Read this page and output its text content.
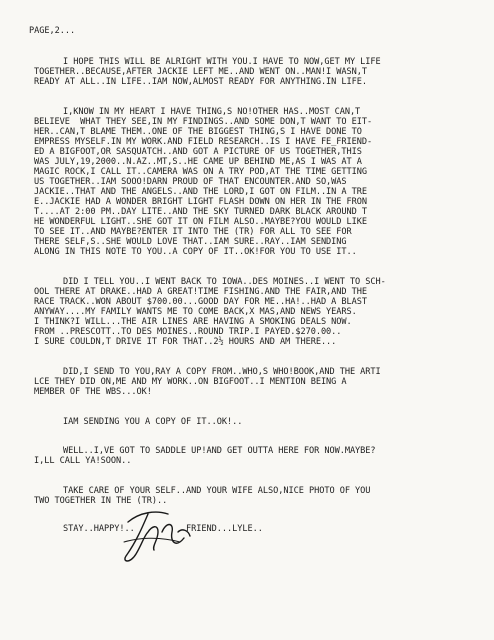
PAGE,2...
I HOPE THIS WILL BE ALRIGHT WITH YOU.I HAVE TO NOW,GET MY LIFE
TOGETHER..BECAUSE,AFTER JACKIE LEFT ME..AND WENT ON..MAN!I WASN,T
READY AT ALL..IN LIFE..IAM NOW,ALMOST READY FOR ANYTHING.IN LIFE.
I,KNOW IN MY HEART I HAVE THING,S NO!OTHER HAS..MOST CAN,T
BELIEVE  WHAT THEY SEE,IN MY FINDINGS..AND SOME DON,T WANT TO EIT-
HER..CAN,T BLAME THEM..ONE OF THE BIGGEST THING,S I HAVE DONE TO
EMPRESS MYSELF.IN MY WORK.AND FIELD RESEARCH..IS I HAVE FE_FRIEND-
ED A BIGFOOT,OR SASQUATCH..AND GOT A PICTURE OF US TOGETHER,THIS
WAS JULY,19,2000..N.AZ..MT,S..HE CAME UP BEHIND ME,AS I WAS AT A
MAGIC ROCK,I CALL IT..CAMERA WAS ON A TRY POD,AT THE TIME GETTING
US TOGETHER..IAM SOOO!DARN PROUD OF THAT ENCOUNTER.AND SO,WAS
JACKIE..THAT AND THE ANGELS..AND THE LORD,I GOT ON FILM..IN A TRE
E..JACKIE HAD A WONDER BRIGHT LIGHT FLASH DOWN ON HER IN THE FRON
T....AT 2:00 PM..DAY LITE..AND THE SKY TURNED DARK BLACK AROUND T
HE WONDERFUL LIGHT..SHE GOT IT ON FILM ALSO..MAYBE?YOU WOULD LIKE
TO SEE IT..AND MAYBE?ENTER IT INTO THE (TR) FOR ALL TO SEE FOR
THERE SELF,S..SHE WOULD LOVE THAT..IAM SURE..RAY..IAM SENDING
ALONG IN THIS NOTE TO YOU..A COPY OF IT..OK!FOR YOU TO USE IT..
DID I TELL YOU..I WENT BACK TO IOWA..DES MOINES..I WENT TO SCH-
OOL THERE AT DRAKE..HAD A GREAT!TIME FISHING.AND THE FAIR,AND THE
RACE TRACK..WON ABOUT $700.00...GOOD DAY FOR ME..HA!..HAD A BLAST
ANYWAY....MY FAMILY WANTS ME TO COME BACK,X MAS,AND NEWS YEARS.
I THINK?I WILL...THE AIR LINES ARE HAVING A SMOKING DEALS NOW.
FROM ..PRESCOTT..TO DES MOINES..ROUND TRIP.I PAYED.$270.00..
I SURE COULDN,T DRIVE IT FOR THAT..2½ HOURS AND AM THERE...
DID,I SEND TO YOU,RAY A COPY FROM..WHO,S WHO!BOOK,AND THE ARTI
LCE THEY DID ON,ME AND MY WORK..ON BIGFOOT..I MENTION BEING A
MEMBER OF THE WBS...OK!
IAM SENDING YOU A COPY OF IT..OK!..
WELL..I,VE GOT TO SADDLE UP!AND GET OUTTA HERE FOR NOW.MAYBE?
I,LL CALL YA!SOON..
TAKE CARE OF YOUR SELF..AND YOUR WIFE ALSO,NICE PHOTO OF YOU
TWO TOGETHER IN THE (TR)..
STAY..HAPPY!..	FRIEND...LYLE..
